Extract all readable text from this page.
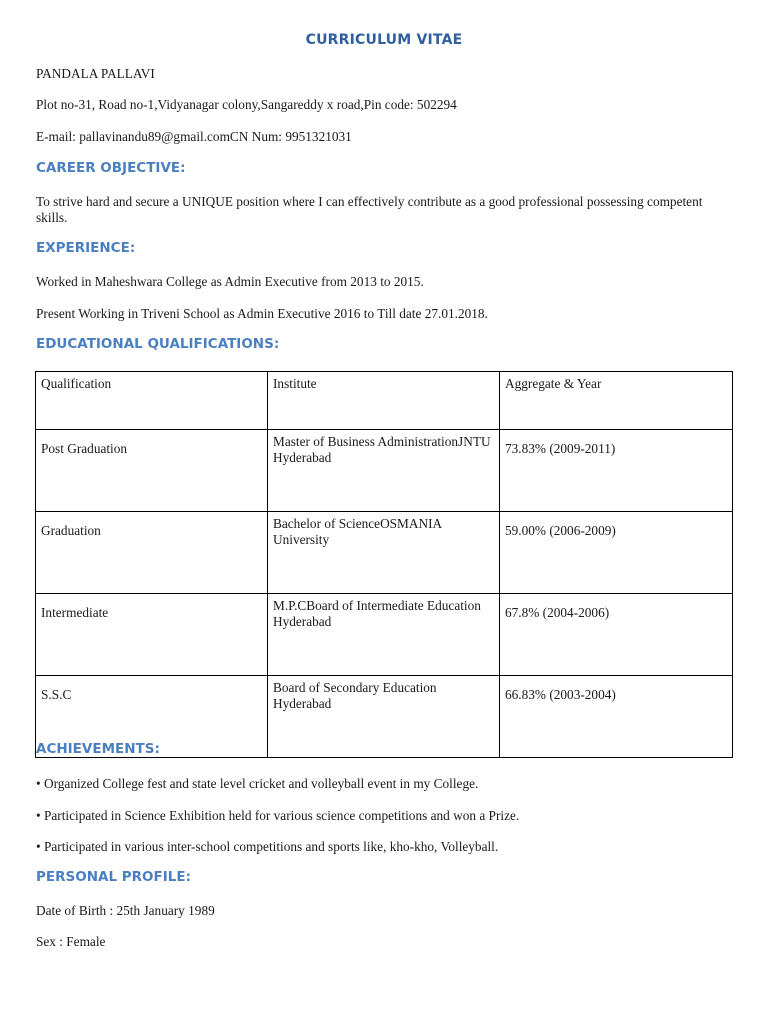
CURRICULUM VITAE
PANDALA PALLAVI
Plot no-31, Road no-1,Vidyanagar colony,Sangareddy x road,Pin code: 502294
E-mail: pallavinandu89@gmail.comCN Num: 9951321031
CAREER OBJECTIVE:
To strive hard and secure a UNIQUE position where I can effectively contribute as a good professional possessing competent skills.
EXPERIENCE:
Worked in Maheshwara College as Admin Executive from 2013 to 2015.
Present Working in Triveni School as Admin Executive 2016 to Till date 27.01.2018.
EDUCATIONAL QUALIFICATIONS:
Qualification	Institute	Aggregate & Year
Post Graduation	Master of Business AdministrationJNTU Hyderabad	73.83% (2009-2011)
Graduation	Bachelor of ScienceOSMANIA University	59.00% (2006-2009)
Intermediate	M.P.CBoard of Intermediate Education Hyderabad	67.8% (2004-2006)
S.S.C	Board of Secondary Education Hyderabad	66.83% (2003-2004)
ACHIEVEMENTS:
• Organized College fest and state level cricket and volleyball event in my College.
• Participated in Science Exhibition held for various science competitions and won a Prize.
• Participated in various inter-school competitions and sports like, kho-kho, Volleyball.
PERSONAL PROFILE:
Date of Birth : 25th January 1989
Sex : Female
